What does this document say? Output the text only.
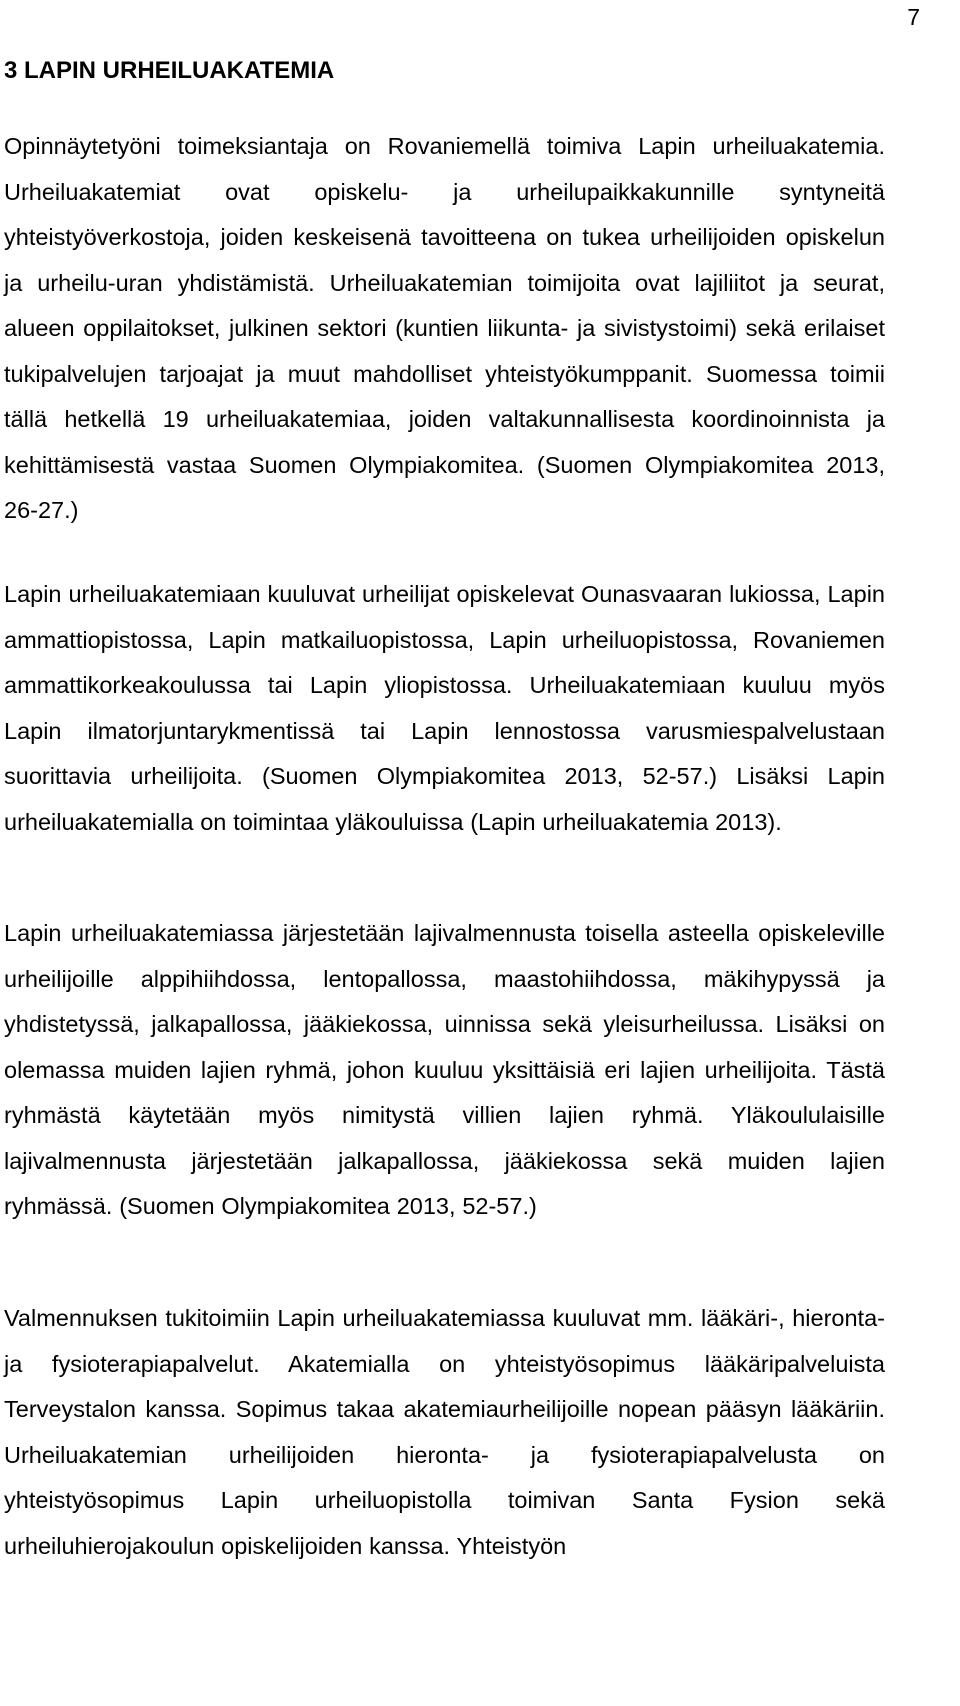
7
3 LAPIN URHEILUAKATEMIA

Opinnäytetyöni toimeksiantaja on Rovaniemellä toimiva Lapin urheiluakatemia. Urheiluakatemiat ovat opiskelu- ja urheilupaikkakunnille syntyneitä yhteistyöverkostoja, joiden keskeisenä tavoitteena on tukea urheilijoiden opiskelun ja urheilu-uran yhdistämistä. Urheiluakatemian toimijoita ovat lajiliitot ja seurat, alueen oppilaitokset, julkinen sektori (kuntien liikunta- ja sivistystoimi) sekä erilaiset tukipalvelujen tarjoajat ja muut mahdolliset yhteistyökumppanit. Suomessa toimii tällä hetkellä 19 urheiluakatemiaa, joiden valtakunnallisesta koordinoinnista ja kehittämisestä vastaa Suomen Olympiakomitea. (Suomen Olympiakomitea 2013, 26-27.)

Lapin urheiluakatemiaan kuuluvat urheilijat opiskelevat Ounasvaaran lukiossa, Lapin ammattiopistossa, Lapin matkailuopistossa, Lapin urheiluopistossa, Rovaniemen ammattikorkeakoulussa tai Lapin yliopistossa. Urheiluakatemiaan kuuluu myös Lapin ilmatorjuntarykmentissä tai Lapin lennostossa varusmiespalvelustaan suorittavia urheilijoita. (Suomen Olympiakomitea 2013, 52-57.) Lisäksi Lapin urheiluakatemialla on toimintaa yläkouluissa (Lapin urheiluakatemia 2013).

Lapin urheiluakatemiassa järjestetään lajivalmennusta toisella asteella opiskeleville urheilijoille alppihiihdossa, lentopallossa, maastohiihdossa, mäkihypyssä ja yhdistetyssä, jalkapallossa, jääkiekossa, uinnissa sekä yleisurheilussa. Lisäksi on olemassa muiden lajien ryhmä, johon kuuluu yksittäisiä eri lajien urheilijoita. Tästä ryhmästä käytetään myös nimitystä villien lajien ryhmä. Yläkoululaisille lajivalmennusta järjestetään jalkapallossa, jääkiekossa sekä muiden lajien ryhmässä. (Suomen Olympiakomitea 2013, 52-57.)

Valmennuksen tukitoimiin Lapin urheiluakatemiassa kuuluvat mm. lääkäri-, hieronta- ja fysioterapiapalvelut. Akatemialla on yhteistyösopimus lääkäripalveluista Terveystalon kanssa. Sopimus takaa akatemiaurheilijoille nopean pääsyn lääkäriin. Urheiluakatemian urheilijoiden hieronta- ja fysioterapiapalvelusta on yhteistyösopimus Lapin urheiluopistolla toimivan Santa Fysion sekä urheiluhierojakoulun opiskelijoiden kanssa. Yhteistyön
